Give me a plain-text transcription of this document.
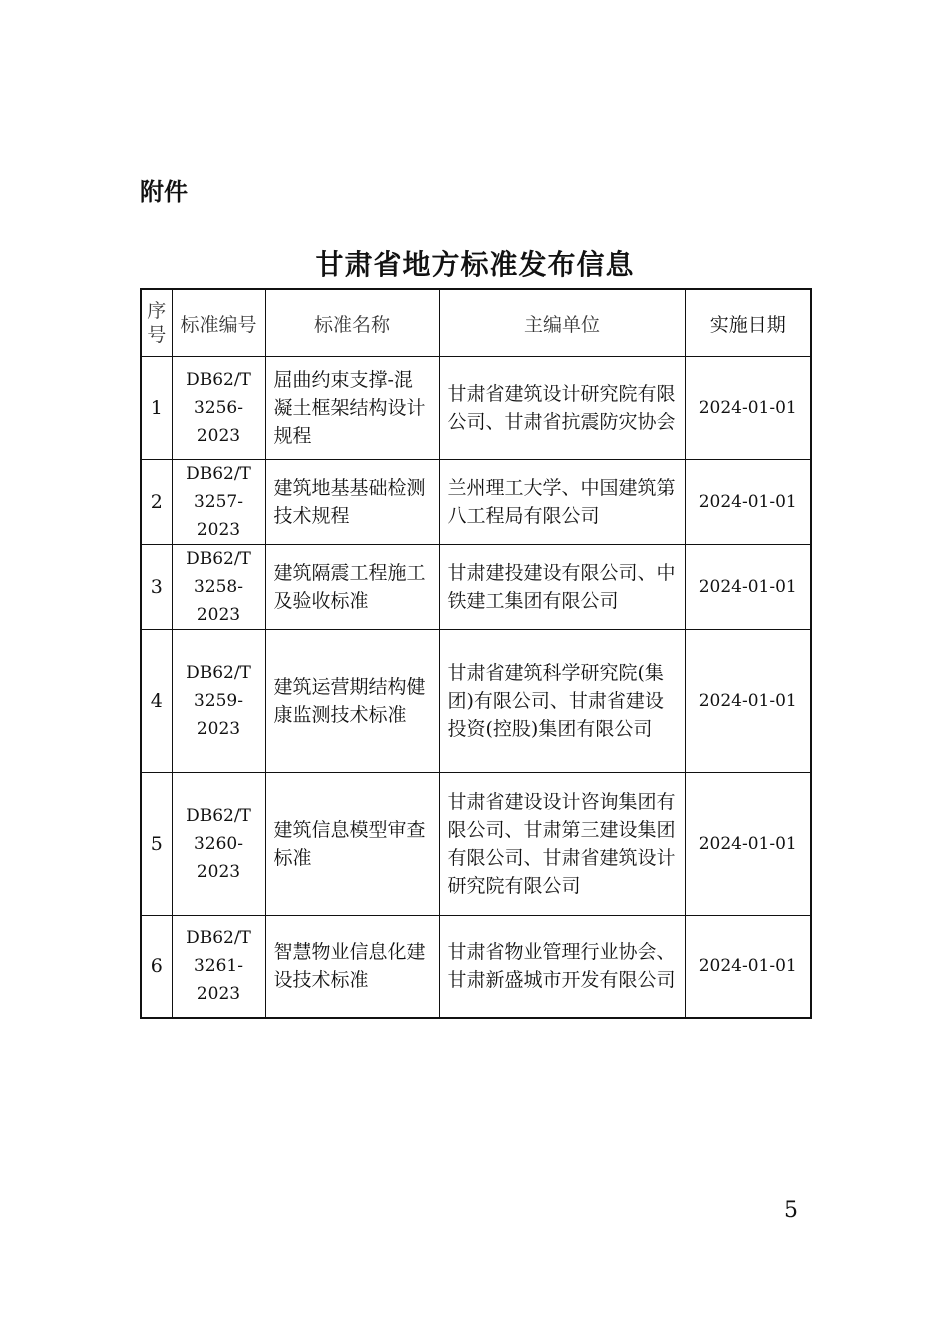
附件
甘肃省地方标准发布信息
序号	标准编号	标准名称	主编单位	实施日期
1	DB62/T 3256-2023	屈曲约束支撑-混凝土框架结构设计规程	甘肃省建筑设计研究院有限公司、甘肃省抗震防灾协会	2024-01-01
2	DB62/T 3257-2023	建筑地基基础检测技术规程	兰州理工大学、中国建筑第八工程局有限公司	2024-01-01
3	DB62/T 3258-2023	建筑隔震工程施工及验收标准	甘肃建投建设有限公司、中铁建工集团有限公司	2024-01-01
4	DB62/T 3259-2023	建筑运营期结构健康监测技术标准	甘肃省建筑科学研究院(集团)有限公司、甘肃省建设投资(控股)集团有限公司	2024-01-01
5	DB62/T 3260-2023	建筑信息模型审查标准	甘肃省建设设计咨询集团有限公司、甘肃第三建设集团有限公司、甘肃省建筑设计研究院有限公司	2024-01-01
6	DB62/T 3261-2023	智慧物业信息化建设技术标准	甘肃省物业管理行业协会、甘肃新盛城市开发有限公司	2024-01-01
5
